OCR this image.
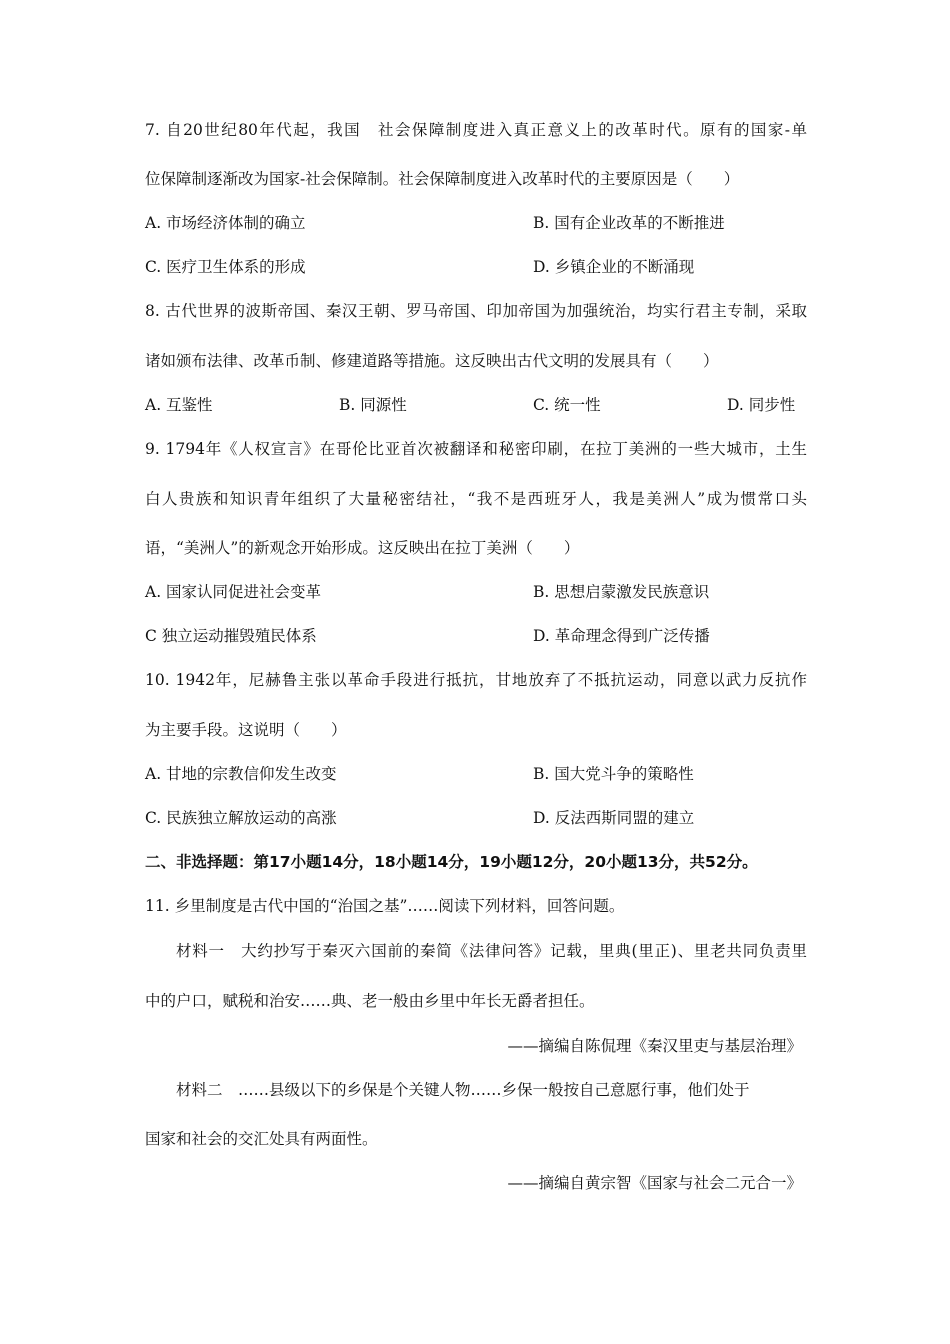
7. 自20世纪80年代起，我国　社会保障制度进入真正意义上的改革时代。原有的国家-单
位保障制逐渐改为国家-社会保障制。社会保障制度进入改革时代的主要原因是（　　）
A. 市场经济体制的确立	B. 国有企业改革的不断推进
C. 医疗卫生体系的形成	D. 乡镇企业的不断涌现
8. 古代世界的波斯帝国、秦汉王朝、罗马帝国、印加帝国为加强统治，均实行君主专制，采取
诸如颁布法律、改革币制、修建道路等措施。这反映出古代文明的发展具有（　　）
A. 互鉴性	B. 同源性	C. 统一性	D. 同步性
9. 1794年《人权宣言》在哥伦比亚首次被翻译和秘密印刷，在拉丁美洲的一些大城市，土生
白人贵族和知识青年组织了大量秘密结社，“我不是西班牙人，我是美洲人”成为惯常口头
语，“美洲人”的新观念开始形成。这反映出在拉丁美洲（　　）
A. 国家认同促进社会变革	B. 思想启蒙激发民族意识
C 独立运动摧毁殖民体系	D. 革命理念得到广泛传播
10. 1942年，尼赫鲁主张以革命手段进行抵抗，甘地放弃了不抵抗运动，同意以武力反抗作
为主要手段。这说明（　　）
A. 甘地的宗教信仰发生改变	B. 国大党斗争的策略性
C. 民族独立解放运动的高涨	D. 反法西斯同盟的建立
二、非选择题：第17小题14分，18小题14分，19小题12分，20小题13分，共52分。
11. 乡里制度是古代中国的“治国之基”……阅读下列材料，回答问题。
材料一　大约抄写于秦灭六国前的秦简《法律问答》记载，里典(里正)、里老共同负责里
中的户口，赋税和治安……典、老一般由乡里中年长无爵者担任。
——摘编自陈侃理《秦汉里吏与基层治理》
材料二　……县级以下的乡保是个关键人物……乡保一般按自己意愿行事，他们处于
国家和社会的交汇处具有两面性。
——摘编自黄宗智《国家与社会二元合一》
